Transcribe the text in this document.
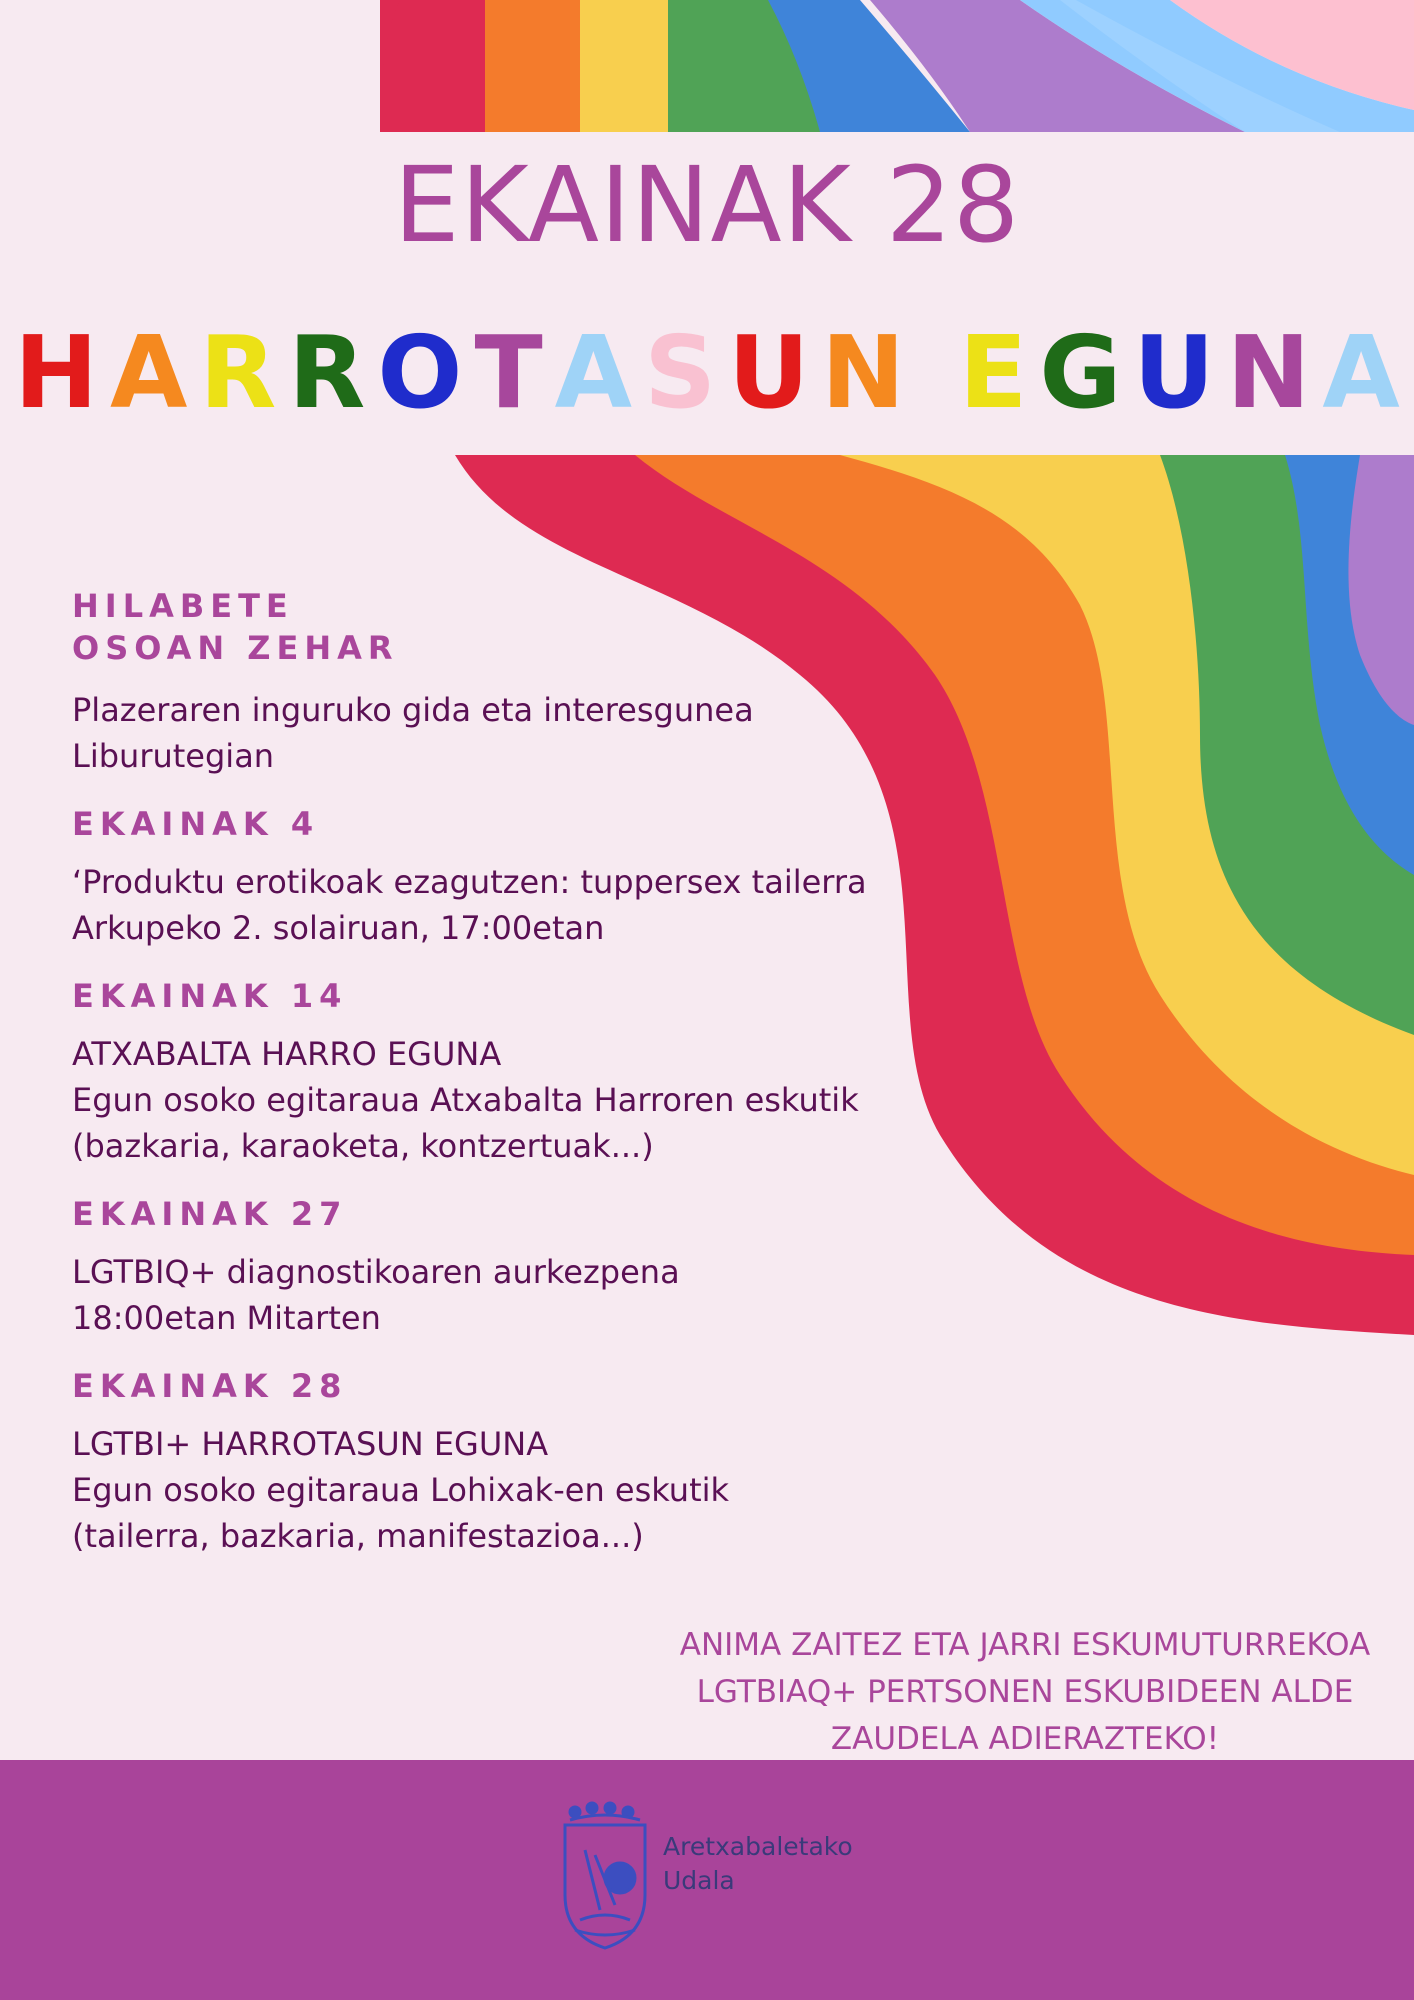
EKAINAK 28
H A R R O T A S U N E G U N A
HILABETE OSOAN ZEHAR
Plazeraren inguruko gida eta interesgunea
Liburutegian
EKAINAK 4
‘Produktu erotikoak ezagutzen: tuppersex tailerra
Arkupeko 2. solairuan, 17:00etan
EKAINAK 14
ATXABALTA HARRO EGUNA
Egun osoko egitaraua Atxabalta Harroren eskutik
(bazkaria, karaoketa, kontzertuak...)
EKAINAK 27
LGTBIQ+ diagnostikoaren aurkezpena
18:00etan Mitarten
EKAINAK 28
LGTBI+ HARROTASUN EGUNA
Egun osoko egitaraua Lohixak-en eskutik
(tailerra, bazkaria, manifestazioa...)
ANIMA ZAITEZ ETA JARRI ESKUMUTURREKOA
LGTBIAQ+ PERTSONEN ESKUBIDEEN ALDE
ZAUDELA ADIERAZTEKO!
Aretxabaletako
Udala
